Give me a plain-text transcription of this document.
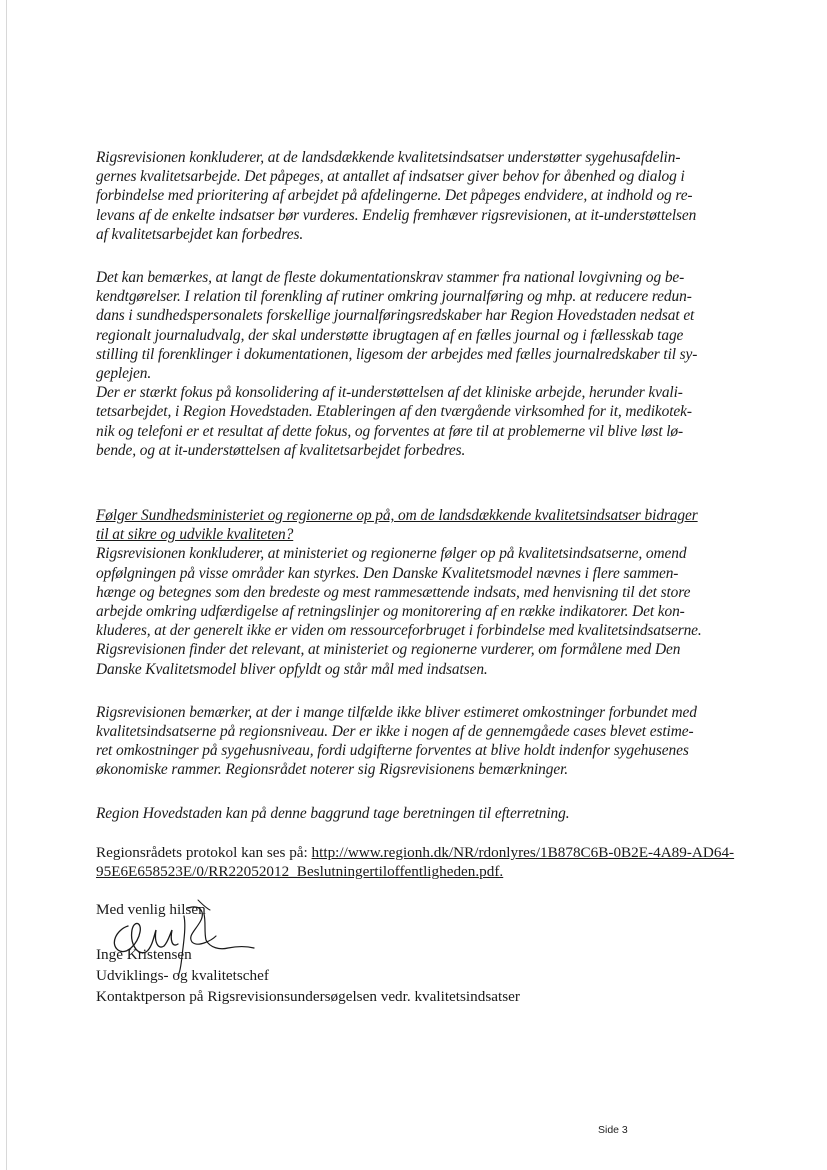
Rigsrevisionen konkluderer, at de landsdækkende kvalitetsindsatser understøtter sygehusafdelin-
gernes kvalitetsarbejde. Det påpeges, at antallet af indsatser giver behov for åbenhed og dialog i
forbindelse med prioritering af arbejdet på afdelingerne. Det påpeges endvidere, at indhold og re-
levans af de enkelte indsatser bør vurderes. Endelig fremhæver rigsrevisionen, at it-understøttelsen
af kvalitetsarbejdet kan forbedres.

Det kan bemærkes, at langt de fleste dokumentationskrav stammer fra national lovgivning og be-
kendtgørelser. I relation til forenkling af rutiner omkring journalføring og mhp. at reducere redun-
dans i sundhedspersonalets forskellige journalføringsredskaber har Region Hovedstaden nedsat et
regionalt journaludvalg, der skal understøtte ibrugtagen af en fælles journal og i fællesskab tage
stilling til forenklinger i dokumentationen, ligesom der arbejdes med fælles journalredskaber til sy-
geplejen.
Der er stærkt fokus på konsolidering af it-understøttelsen af det kliniske arbejde, herunder kvali-
tetsarbejdet, i Region Hovedstaden. Etableringen af den tværgående virksomhed for it, medikotek-
nik og telefoni er et resultat af dette fokus, og forventes at føre til at problemerne vil blive løst lø-
bende, og at it-understøttelsen af kvalitetsarbejdet forbedres.

Følger Sundhedsministeriet og regionerne op på, om de landsdækkende kvalitetsindsatser bidrager
til at sikre og udvikle kvaliteten?

Rigsrevisionen konkluderer, at ministeriet og regionerne følger op på kvalitetsindsatserne, omend
opfølgningen på visse områder kan styrkes. Den Danske Kvalitetsmodel nævnes i flere sammen-
hænge og betegnes som den bredeste og mest rammesættende indsats, med henvisning til det store
arbejde omkring udfærdigelse af retningslinjer og monitorering af en række indikatorer. Det kon-
kluderes, at der generelt ikke er viden om ressourceforbruget i forbindelse med kvalitetsindsatserne.
Rigsrevisionen finder det relevant, at ministeriet og regionerne vurderer, om formålene med Den
Danske Kvalitetsmodel bliver opfyldt og står mål med indsatsen.

Rigsrevisionen bemærker, at der i mange tilfælde ikke bliver estimeret omkostninger forbundet med
kvalitetsindsatserne på regionsniveau. Der er ikke i nogen af de gennemgåede cases blevet estime-
ret omkostninger på sygehusniveau, fordi udgifterne forventes at blive holdt indenfor sygehusenes
økonomiske rammer. Regionsrådet noterer sig Rigsrevisionens bemærkninger.

Region Hovedstaden kan på denne baggrund tage beretningen til efterretning.

Regionsrådets protokol kan ses på: http://www.regionh.dk/NR/rdonlyres/1B878C6B-0B2E-4A89-AD64-
95E6E658523E/0/RR22052012_Beslutningertiloffentligheden.pdf.

Med venlig hilsen

Inge Kristensen

Udviklings- og kvalitetschef

Kontaktperson på Rigsrevisionsundersøgelsen vedr. kvalitetsindsatser

Side 3
